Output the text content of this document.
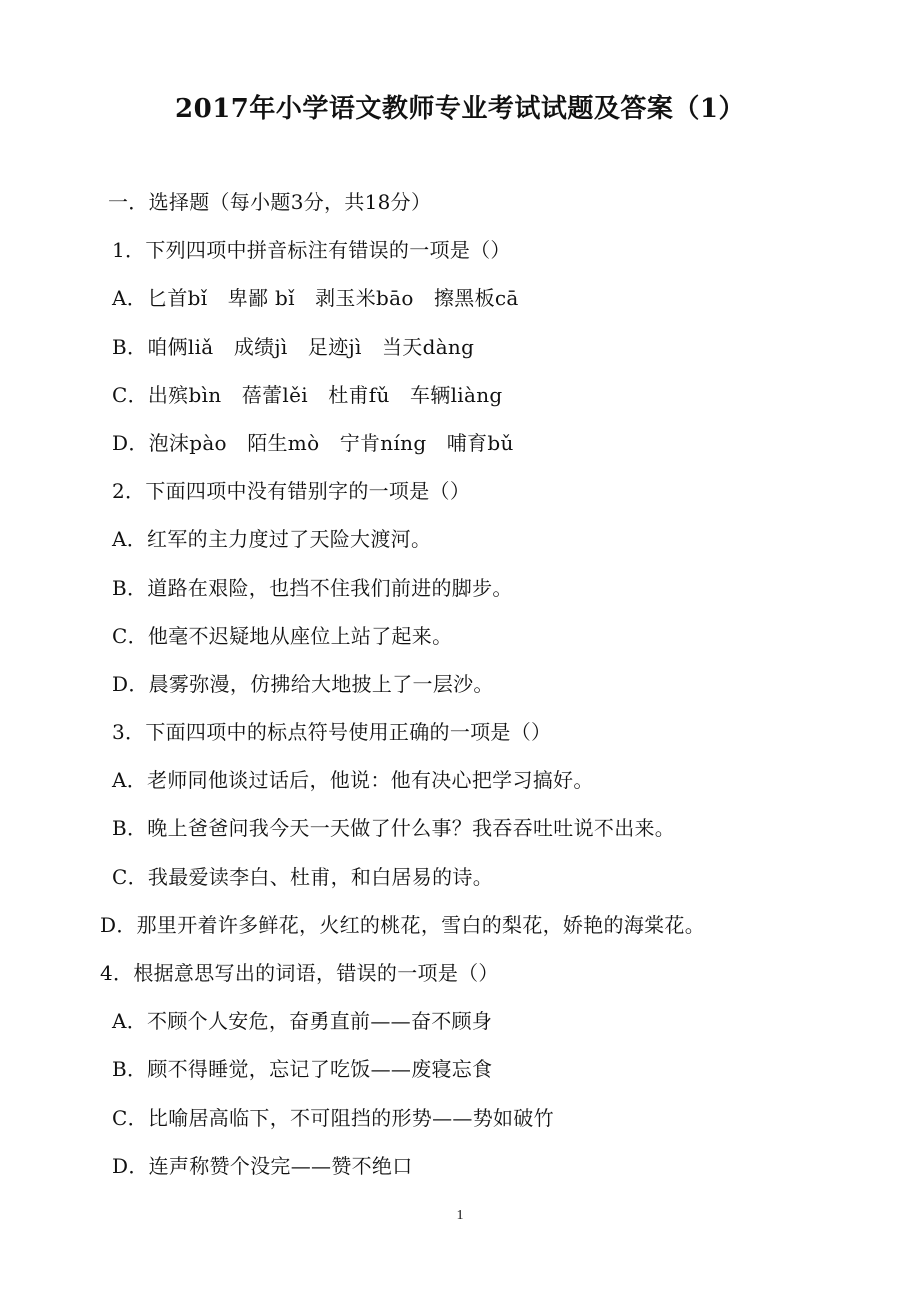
2017年小学语文教师专业考试试题及答案（1）
一．选择题（每小题3分，共18分）
1．下列四项中拼音标注有错误的一项是（）
A．匕首bǐ　卑鄙 bǐ　剥玉米bāo　擦黑板cā
B．咱俩liǎ　成绩jì　足迹jì　当天dàng
C．出殡bìn　蓓蕾lěi　杜甫fǔ　车辆liàng
D．泡沫pào　陌生mò　宁肯níng　哺育bǔ
2．下面四项中没有错别字的一项是（）
A．红军的主力度过了天险大渡河。
B．道路在艰险，也挡不住我们前进的脚步。
C．他毫不迟疑地从座位上站了起来。
D．晨雾弥漫，仿拂给大地披上了一层沙。
3．下面四项中的标点符号使用正确的一项是（）
A．老师同他谈过话后，他说：他有决心把学习搞好。
B．晚上爸爸问我今天一天做了什么事？我吞吞吐吐说不出来。
C．我最爱读李白、杜甫，和白居易的诗。
D．那里开着许多鲜花，火红的桃花，雪白的梨花，娇艳的海棠花。
4．根据意思写出的词语，错误的一项是（）
A．不顾个人安危，奋勇直前——奋不顾身
B．顾不得睡觉，忘记了吃饭——废寝忘食
C．比喻居高临下，不可阻挡的形势——势如破竹
D．连声称赞个没完——赞不绝口
1
